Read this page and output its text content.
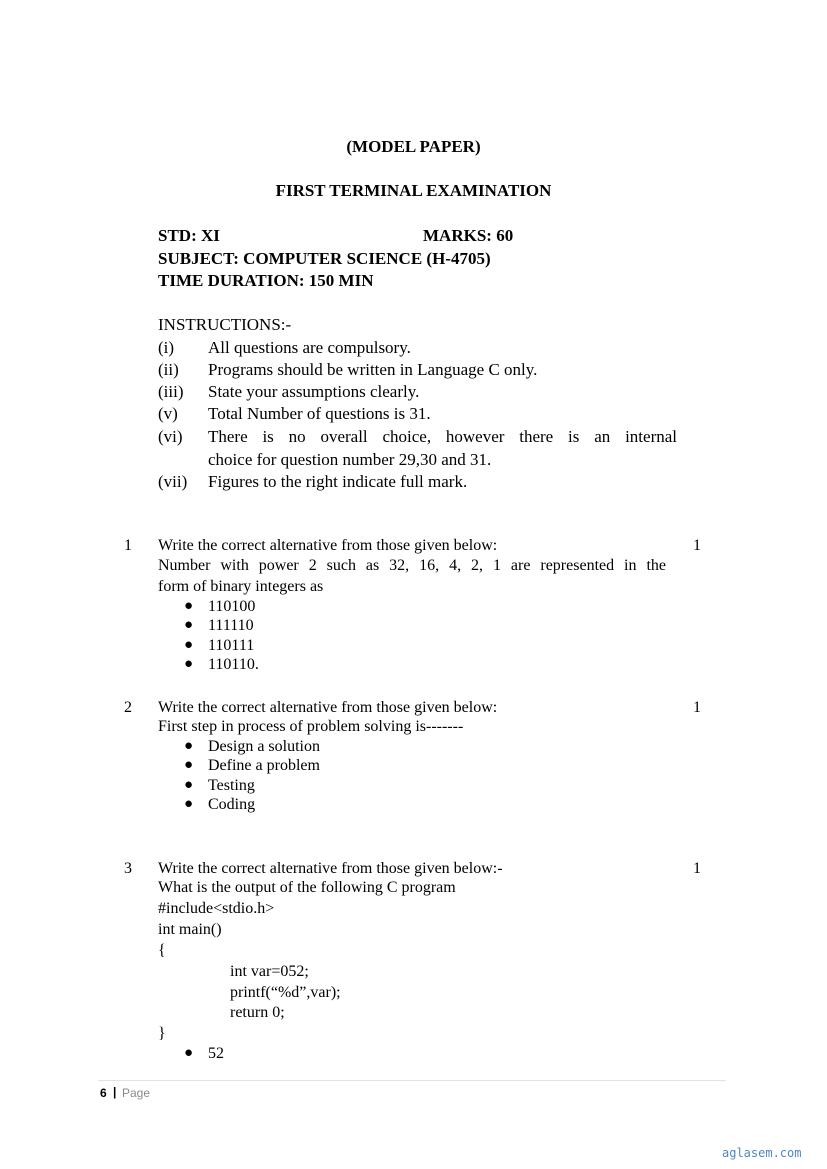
(MODEL PAPER)
FIRST TERMINAL EXAMINATION
STD: XI	MARKS: 60
SUBJECT: COMPUTER SCIENCE (H-4705)
TIME DURATION: 150 MIN
INSTRUCTIONS:-
(i) All questions are compulsory.
(ii) Programs should be written in Language C only.
(iii) State your assumptions clearly.
(v) Total Number of questions is 31.
(vi) There is no overall choice, however there is an internal
choice for question number 29,30 and 31.
(vii) Figures to the right indicate full mark.
1 Write the correct alternative from those given below:	1
Number with power 2 such as 32, 16, 4, 2, 1 are represented in the
form of binary integers as
● 110100
● 111110
● 110111
● 110110.
2 Write the correct alternative from those given below:	1
First step in process of problem solving is-------
● Design a solution
● Define a problem
● Testing
● Coding
3 Write the correct alternative from those given below:-	1
What is the output of the following C program
#include<stdio.h>
int main()
{
int var=052;
printf(“%d”,var);
return 0;
}
● 52
6 | Page
aglasem.com
